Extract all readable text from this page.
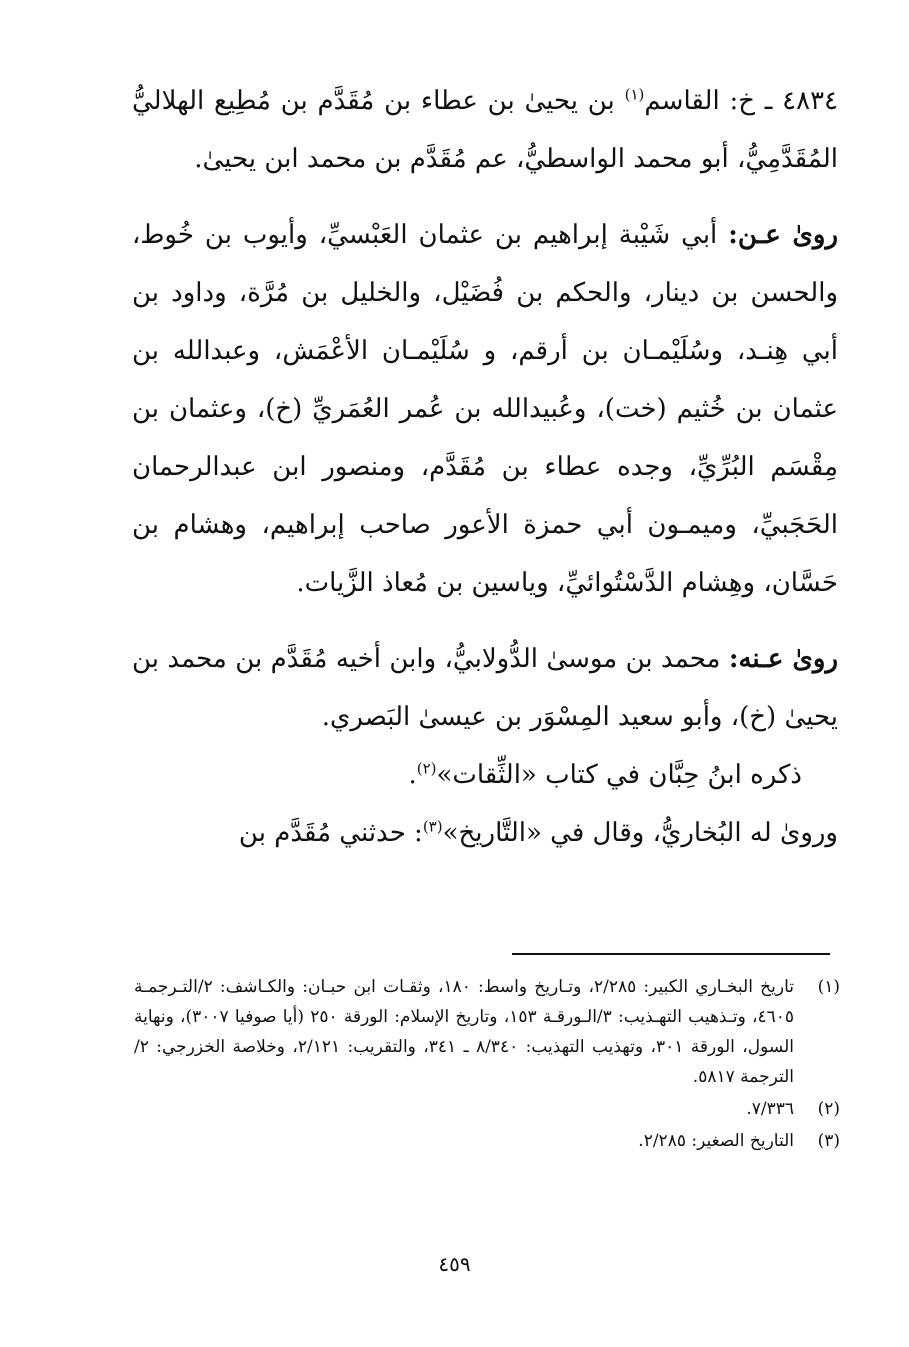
٤٨٣٤ ـ خ: القاسم$^{(١)}$ بن يحيىٰ بن عطاء بن مُقَدَّم بن مُطِيع الهلاليُّ المُقَدَّمِيُّ، أبو محمد الواسطيُّ، عم مُقَدَّم بن محمد ابن يحيىٰ.

روىٰ عـن: أبي شَيْبة إبراهيم بن عثمان العَبْسيِّ، وأيوب بن خُوط، والحسن بن دينار، والحكم بن فُضَيْل، والخليل بن مُرَّة، وداود بن أبي هِنـد، وسُلَيْمـان بن أرقم، و سُلَيْمـان الأعْمَش، وعبدالله بن عثمان بن خُثيم (خت)، وعُبيدالله بن عُمر العُمَريِّ (خ)، وعثمان بن مِقْسَم البُرِّيِّ، وجده عطاء بن مُقَدَّم، ومنصور ابن عبدالرحمان الحَجَبيِّ، وميمـون أبي حمزة الأعور صاحب إبراهيم، وهشام بن حَسَّان، وهِشام الدَّسْتُوائيِّ، وياسين بن مُعاذ الزَّيات.

روىٰ عـنه: محمد بن موسىٰ الدُّولابيُّ، وابن أخيه مُقَدَّم بن محمد بن يحيىٰ (خ)، وأبو سعيد المِسْوَر بن عيسىٰ البَصري.

ذكره ابنُ حِبَّان في كتاب «الثِّقات»$^{(٢)}$.

وروىٰ له البُخاريُّ، وقال في «التَّاريخ»$^{(٣)}$: حدثني مُقَدَّم بن

(١)
تاريخ البخـاري الكبير: ٢/٢٨٥، وتـاريخ واسط: ١٨٠، وثقـات ابن حبـان: والكـاشف: ٢/التـرجمـة ٤٦٠٥، وتـذهيب التهـذيب: ٣/الـورقـة ١٥٣، وتاريخ الإسلام: الورقة ٢٥٠ (أيا صوفيا ٣٠٠٧)، ونهاية السول، الورقة ٣٠١، وتهذيب التهذيب: ٨/٣٤٠ ـ ٣٤١، والتقريب: ٢/١٢١، وخلاصة الخزرجي: ٢/الترجمة ٥٨١٧.
(٢)
٧/٣٣٦.
(٣)
التاريخ الصغير: ٢/٢٨٥.
٤٥٩
